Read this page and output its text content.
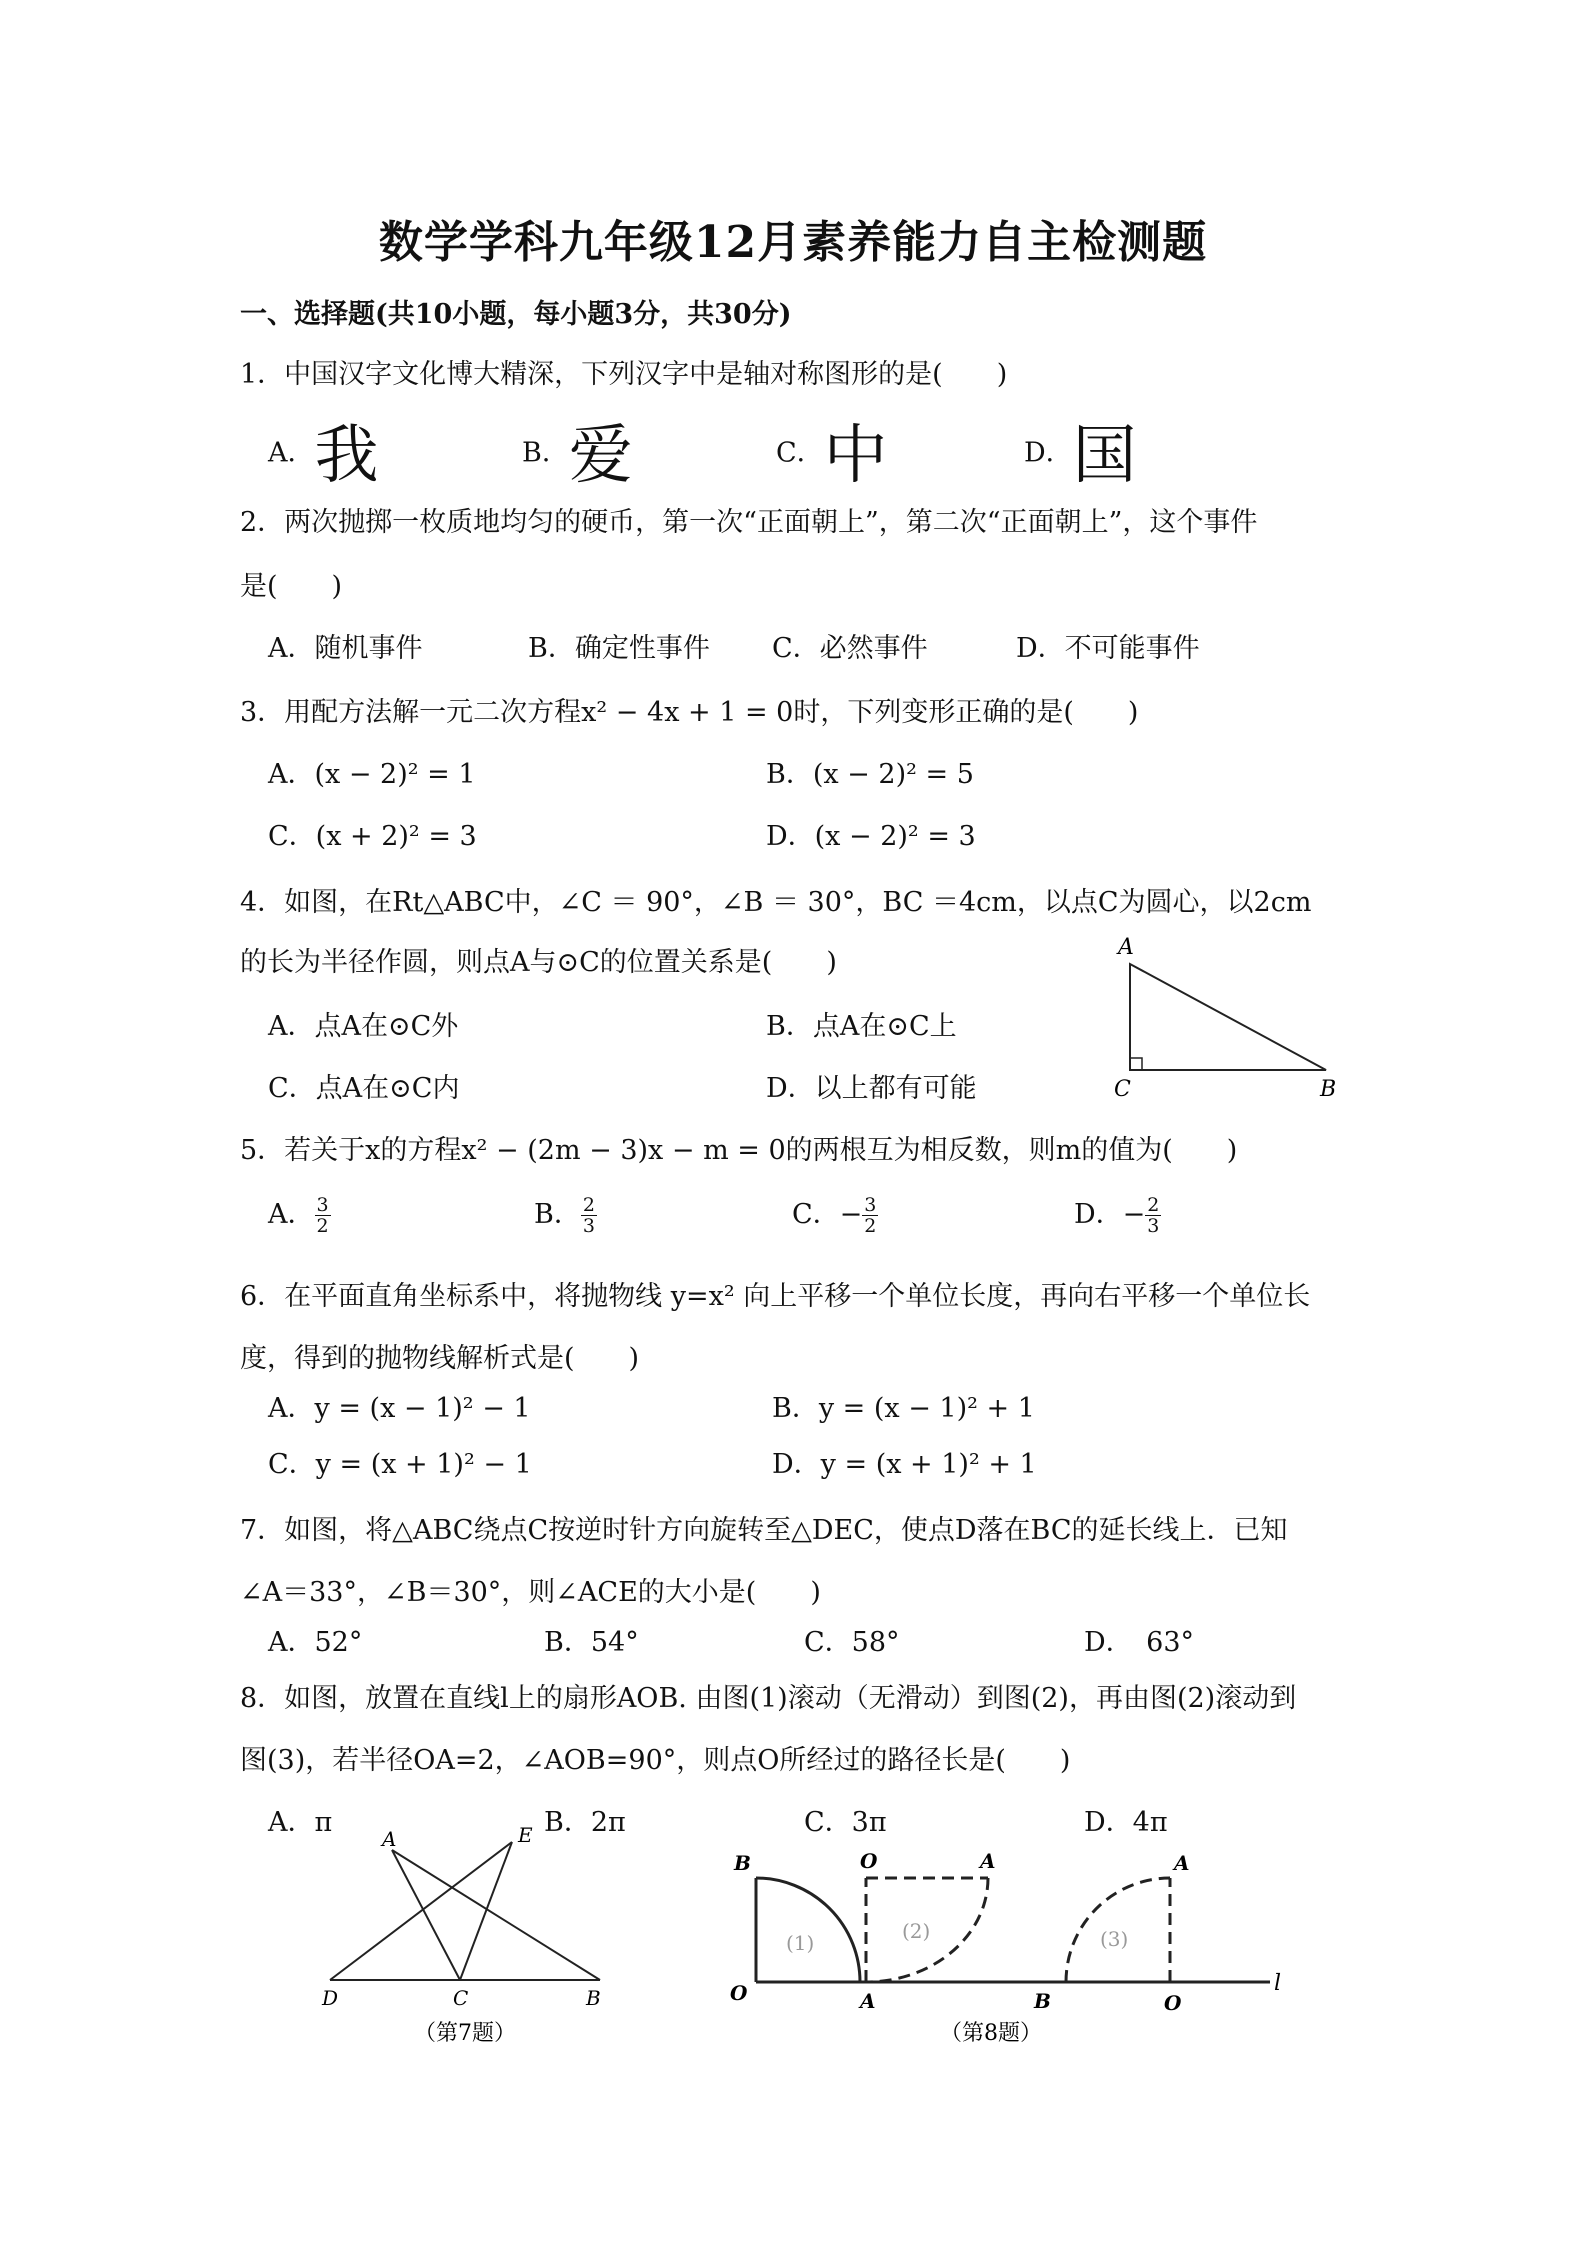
数学学科九年级12月素养能力自主检测题
一、选择题(共10小题，每小题3分，共30分)
1．中国汉字文化博大精深，下列汉字中是轴对称图形的是(　　)
A．我	B．爱	C．中	D．国
2．两次抛掷一枚质地均匀的硬币，第一次“正面朝上”，第二次“正面朝上”，这个事件
是(　　)
A．随机事件	B．确定性事件 C．必然事件	D．不可能事件
3．用配方法解一元二次方程x² − 4x + 1 = 0时，下列变形正确的是(　　)
A．(x − 2)² = 1	B．(x − 2)² = 5
C．(x + 2)² = 3	D．(x − 2)² = 3
4．如图，在Rt△ABC中，∠C ＝ 90°，∠B ＝ 30°，BC ＝4cm，以点C为圆心，以2cm
的长为半径作圆，则点A与⊙C的位置关系是(　　)
A．点A在⊙C外	B．点A在⊙C上
C．点A在⊙C内	D．以上都有可能
A
C	B
5．若关于x的方程x² − (2m − 3)x − m = 0的两根互为相反数，则m的值为(　　)
A． $\frac{3}{2}$	B． $\frac{2}{3}$	C．− $\frac{3}{2}$	D．− $\frac{2}{3}$
6．在平面直角坐标系中，将抛物线 y=x² 向上平移一个单位长度，再向右平移一个单位长
度，得到的抛物线解析式是(　　)
A．y = (x − 1)² − 1	B．y = (x − 1)² + 1
C．y = (x + 1)² − 1	D．y = (x + 1)² + 1
7．如图，将△ABC绕点C按逆时针方向旋转至△DEC，使点D落在BC的延长线上．已知
∠A＝33°，∠B＝30°，则∠ACE的大小是(　　)
A．52°	B．54°	C．58°	D．　63°
8．如图，放置在直线l上的扇形AOB. 由图(1)滚动（无滑动）到图(2)，再由图(2)滚动到
图(3)，若半径OA=2，∠AOB=90°，则点O所经过的路径长是(　　)
A．π	B．2π	C．3π	D．4π
A	E
D	C	B
（第7题）
B	O	A
(2)
(1)
A
B	O
(3)
l
O	A
（第8题）
